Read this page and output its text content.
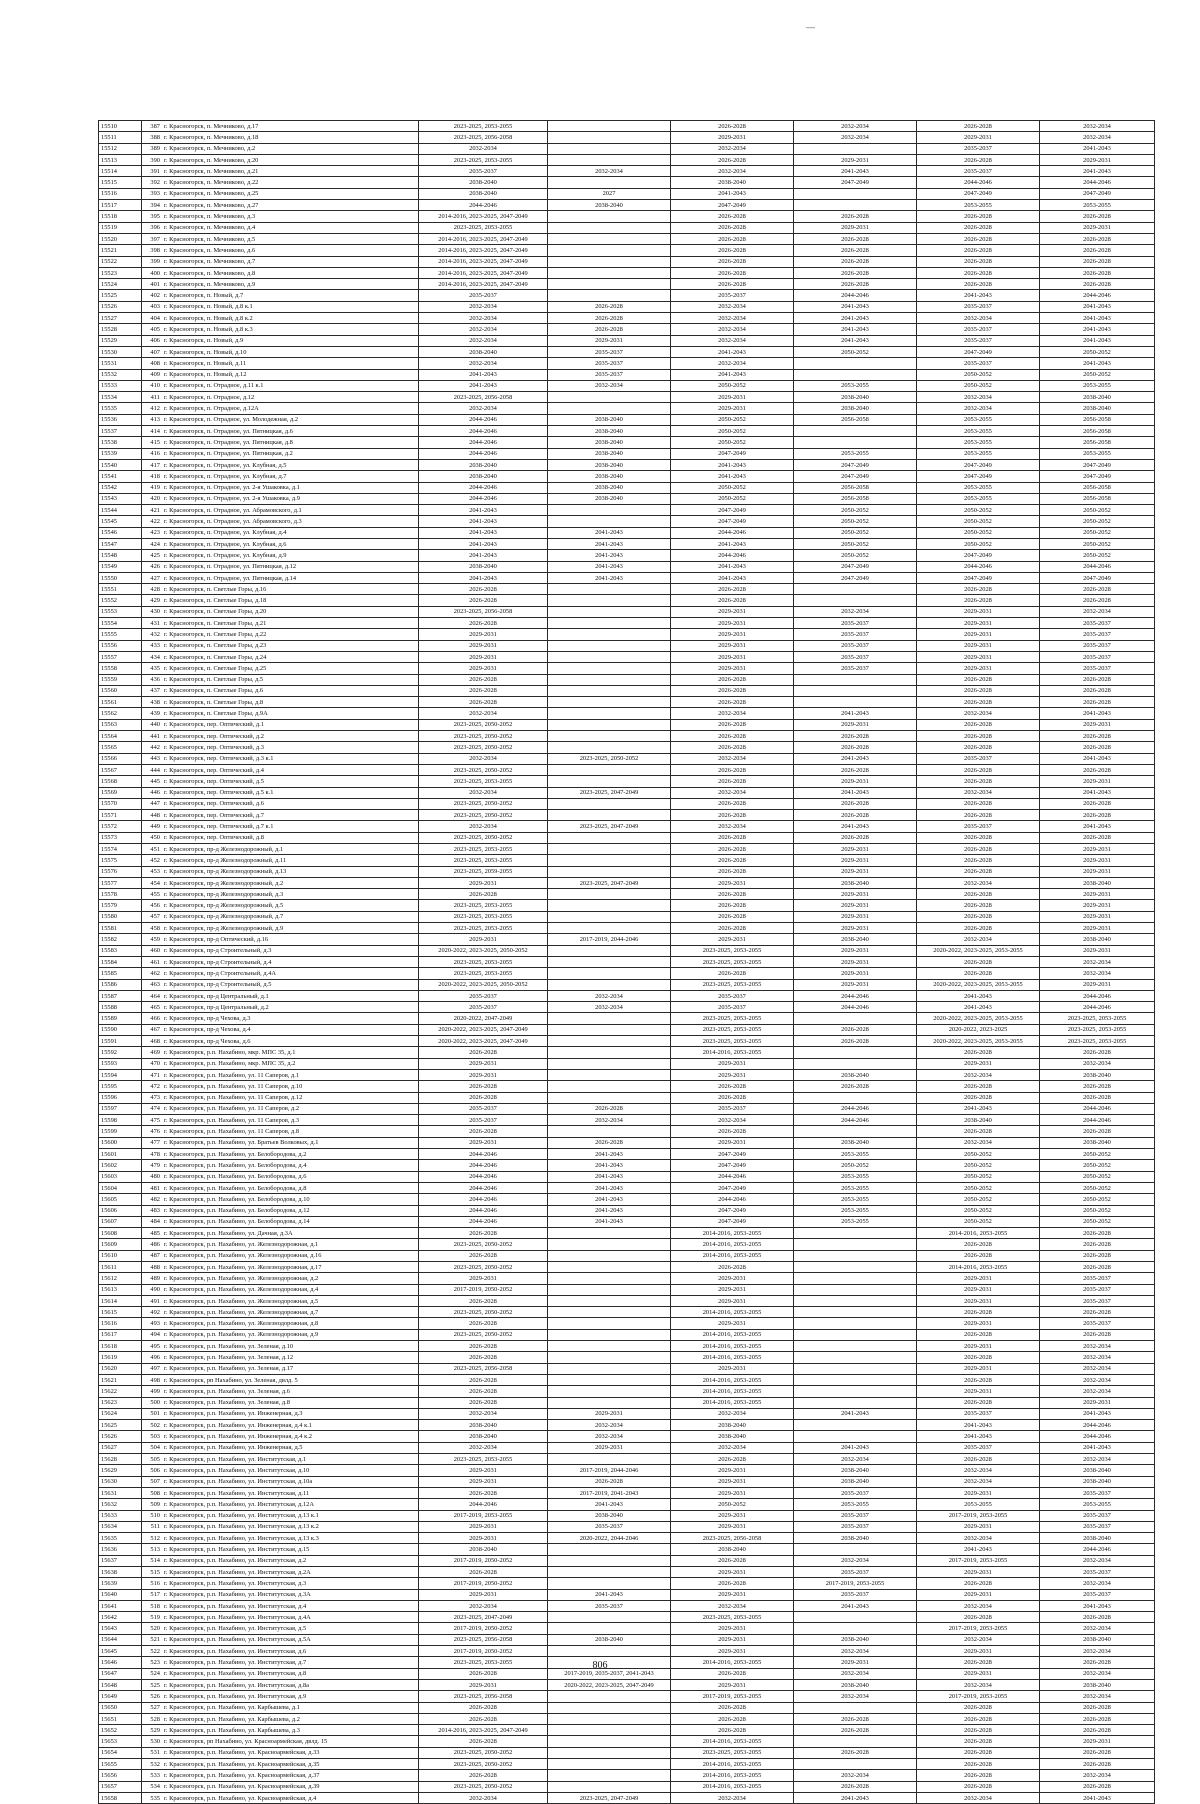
—
15510	387	г. Красногорск, п. Мечниково, д.17	2023-2025, 2053-2055		2026-2028	2032-2034	2026-2028	2032-2034
15511	388	г. Красногорск, п. Мечниково, д.18	2023-2025, 2056-2058		2029-2031	2032-2034	2029-2031	2032-2034
15512	389	г. Красногорск, п. Мечниково, д.2	2032-2034		2032-2034		2035-2037	2041-2043
15513	390	г. Красногорск, п. Мечниково, д.20	2023-2025, 2053-2055		2026-2028	2029-2031	2026-2028	2029-2031
15514	391	г. Красногорск, п. Мечниково, д.21	2035-2037	2032-2034	2032-2034	2041-2043	2035-2037	2041-2043
15515	392	г. Красногорск, п. Мечниково, д.22	2038-2040		2038-2040	2047-2049	2044-2046	2044-2046
15516	393	г. Красногорск, п. Мечниково, д.25	2038-2040	2027	2041-2043		2047-2049	2047-2049
15517	394	г. Красногорск, п. Мечниково, д.27	2044-2046	2038-2040	2047-2049		2053-2055	2053-2055
15518	395	г. Красногорск, п. Мечниково, д.3	2014-2016, 2023-2025, 2047-2049		2026-2028	2026-2028	2026-2028	2026-2028
15519	396	г. Красногорск, п. Мечниково, д.4	2023-2025, 2053-2055		2026-2028	2029-2031	2026-2028	2029-2031
15520	397	г. Красногорск, п. Мечниково, д.5	2014-2016, 2023-2025, 2047-2049		2026-2028	2026-2028	2026-2028	2026-2028
15521	398	г. Красногорск, п. Мечниково, д.6	2014-2016, 2023-2025, 2047-2049		2026-2028	2026-2028	2026-2028	2026-2028
15522	399	г. Красногорск, п. Мечниково, д.7	2014-2016, 2023-2025, 2047-2049		2026-2028	2026-2028	2026-2028	2026-2028
15523	400	г. Красногорск, п. Мечниково, д.8	2014-2016, 2023-2025, 2047-2049		2026-2028	2026-2028	2026-2028	2026-2028
15524	401	г. Красногорск, п. Мечниково, д.9	2014-2016, 2023-2025, 2047-2049		2026-2028	2026-2028	2026-2028	2026-2028
15525	402	г. Красногорск, п. Новый, д.7	2035-2037		2035-2037	2044-2046	2041-2043	2044-2046
15526	403	г. Красногорск, п. Новый, д.8 к.1	2032-2034	2026-2028	2032-2034	2041-2043	2035-2037	2041-2043
15527	404	г. Красногорск, п. Новый, д.8 к.2	2032-2034	2026-2028	2032-2034	2041-2043	2032-2034	2041-2043
15528	405	г. Красногорск, п. Новый, д.8 к.3	2032-2034	2026-2028	2032-2034	2041-2043	2035-2037	2041-2043
15529	406	г. Красногорск, п. Новый, д.9	2032-2034	2029-2031	2032-2034	2041-2043	2035-2037	2041-2043
15530	407	г. Красногорск, п. Новый, д.10	2038-2040	2035-2037	2041-2043	2050-2052	2047-2049	2050-2052
15531	408	г. Красногорск, п. Новый, д.11	2032-2034	2035-2037	2032-2034		2035-2037	2041-2043
15532	409	г. Красногорск, п. Новый, д.12	2041-2043	2035-2037	2041-2043		2050-2052	2050-2052
15533	410	г. Красногорск, п. Отрадное, д.11 к.1	2041-2043	2032-2034	2050-2052	2053-2055	2050-2052	2053-2055
15534	411	г. Красногорск, п. Отрадное, д.12	2023-2025, 2056-2058		2029-2031	2038-2040	2032-2034	2038-2040
15535	412	г. Красногорск, п. Отрадное, д.12А	2032-2034		2029-2031	2038-2040	2032-2034	2038-2040
15536	413	г. Красногорск, п. Отрадное, ул. Молодежная, д.2	2044-2046	2038-2040	2050-2052	2056-2058	2053-2055	2056-2058
15537	414	г. Красногорск, п. Отрадное, ул. Пятницкая, д.6	2044-2046	2038-2040	2050-2052		2053-2055	2056-2058
15538	415	г. Красногорск, п. Отрадное, ул. Пятницкая, д.8	2044-2046	2038-2040	2050-2052		2053-2055	2056-2058
15539	416	г. Красногорск, п. Отрадное, ул. Пятницкая, д.2	2044-2046	2038-2040	2047-2049	2053-2055	2053-2055	2053-2055
15540	417	г. Красногорск, п. Отрадное, ул. Клубная, д.5	2038-2040	2038-2040	2041-2043	2047-2049	2047-2049	2047-2049
15541	418	г. Красногорск, п. Отрадное, ул. Клубная, д.7	2038-2040	2038-2040	2041-2043	2047-2049	2047-2049	2047-2049
15542	419	г. Красногорск, п. Отрадное, ул. 2-я Ушаковка, д.1	2044-2046	2038-2040	2050-2052	2056-2058	2053-2055	2056-2058
15543	420	г. Красногорск, п. Отрадное, ул. 2-я Ушаковка, д.9	2044-2046	2038-2040	2050-2052	2056-2058	2053-2055	2056-2058
15544	421	г. Красногорск, п. Отрадное, ул. Абрамовского, д.1	2041-2043		2047-2049	2050-2052	2050-2052	2050-2052
15545	422	г. Красногорск, п. Отрадное, ул. Абрамовского, д.3	2041-2043		2047-2049	2050-2052	2050-2052	2050-2052
15546	423	г. Красногорск, п. Отрадное, ул. Клубная, д.4	2041-2043	2041-2043	2044-2046	2050-2052	2050-2052	2050-2052
15547	424	г. Красногорск, п. Отрадное, ул. Клубная, д.6	2041-2043	2041-2043	2041-2043	2050-2052	2050-2052	2050-2052
15548	425	г. Красногорск, п. Отрадное, ул. Клубная, д.9	2041-2043	2041-2043	2044-2046	2050-2052	2047-2049	2050-2052
15549	426	г. Красногорск, п. Отрадное, ул. Пятницкая, д.12	2038-2040	2041-2043	2041-2043	2047-2049	2044-2046	2044-2046
15550	427	г. Красногорск, п. Отрадное, ул. Пятницкая, д.14	2041-2043	2041-2043	2041-2043	2047-2049	2047-2049	2047-2049
15551	428	г. Красногорск, п. Светлые Горы, д.16	2026-2028		2026-2028		2026-2028	2026-2028
15552	429	г. Красногорск, п. Светлые Горы, д.18	2026-2028		2026-2028		2026-2028	2026-2028
15553	430	г. Красногорск, п. Светлые Горы, д.20	2023-2025, 2056-2058		2029-2031	2032-2034	2029-2031	2032-2034
15554	431	г. Красногорск, п. Светлые Горы, д.21	2026-2028		2029-2031	2035-2037	2029-2031	2035-2037
15555	432	г. Красногорск, п. Светлые Горы, д.22	2029-2031		2029-2031	2035-2037	2029-2031	2035-2037
15556	433	г. Красногорск, п. Светлые Горы, д.23	2029-2031		2029-2031	2035-2037	2029-2031	2035-2037
15557	434	г. Красногорск, п. Светлые Горы, д.24	2029-2031		2029-2031	2035-2037	2029-2031	2035-2037
15558	435	г. Красногорск, п. Светлые Горы, д.25	2029-2031		2029-2031	2035-2037	2029-2031	2035-2037
15559	436	г. Красногорск, п. Светлые Горы, д.5	2026-2028		2026-2028		2026-2028	2026-2028
15560	437	г. Красногорск, п. Светлые Горы, д.6	2026-2028		2026-2028		2026-2028	2026-2028
15561	438	г. Красногорск, п. Светлые Горы, д.8	2026-2028		2026-2028		2026-2028	2026-2028
15562	439	г. Красногорск, п. Светлые Горы, д.9А	2032-2034		2032-2034	2041-2043	2032-2034	2041-2043
15563	440	г. Красногорск, пер. Оптический, д.1	2023-2025, 2050-2052		2026-2028	2029-2031	2026-2028	2029-2031
15564	441	г. Красногорск, пер. Оптический, д.2	2023-2025, 2050-2052		2026-2028	2026-2028	2026-2028	2026-2028
15565	442	г. Красногорск, пер. Оптический, д.3	2023-2025, 2050-2052		2026-2028	2026-2028	2026-2028	2026-2028
15566	443	г. Красногорск, пер. Оптический, д.3 к.1	2032-2034	2023-2025, 2050-2052	2032-2034	2041-2043	2035-2037	2041-2043
15567	444	г. Красногорск, пер. Оптический, д.4	2023-2025, 2050-2052		2026-2028	2026-2028	2026-2028	2026-2028
15568	445	г. Красногорск, пер. Оптический, д.5	2023-2025, 2053-2055		2026-2028	2029-2031	2026-2028	2029-2031
15569	446	г. Красногорск, пер. Оптический, д.5 к.1	2032-2034	2023-2025, 2047-2049	2032-2034	2041-2043	2032-2034	2041-2043
15570	447	г. Красногорск, пер. Оптический, д.6	2023-2025, 2050-2052		2026-2028	2026-2028	2026-2028	2026-2028
15571	448	г. Красногорск, пер. Оптический, д.7	2023-2025, 2050-2052		2026-2028	2026-2028	2026-2028	2026-2028
15572	449	г. Красногорск, пер. Оптический, д.7 к.1	2032-2034	2023-2025, 2047-2049	2032-2034	2041-2043	2035-2037	2041-2043
15573	450	г. Красногорск, пер. Оптический, д.8	2023-2025, 2050-2052		2026-2028	2026-2028	2026-2028	2026-2028
15574	451	г. Красногорск, пр-д Железнодорожный, д.1	2023-2025, 2053-2055		2026-2028	2029-2031	2026-2028	2029-2031
15575	452	г. Красногорск, пр-д Железнодорожный, д.11	2023-2025, 2053-2055		2026-2028	2029-2031	2026-2028	2029-2031
15576	453	г. Красногорск, пр-д Железнодорожный, д.13	2023-2025, 2059-2055		2026-2028	2029-2031	2026-2028	2029-2031
15577	454	г. Красногорск, пр-д Железнодорожный, д.2	2029-2031	2023-2025, 2047-2049	2029-2031	2038-2040	2032-2034	2038-2040
15578	455	г. Красногорск, пр-д Железнодорожный, д.3	2026-2028		2026-2028	2029-2031	2026-2028	2029-2031
15579	456	г. Красногорск, пр-д Железнодорожный, д.5	2023-2025, 2053-2055		2026-2028	2029-2031	2026-2028	2029-2031
15580	457	г. Красногорск, пр-д Железнодорожный, д.7	2023-2025, 2053-2055		2026-2028	2029-2031	2026-2028	2029-2031
15581	458	г. Красногорск, пр-д Железнодорожный, д.9	2023-2025, 2053-2055		2026-2028	2029-2031	2026-2028	2029-2031
15582	459	г. Красногорск, пр-д Оптический, д.16	2029-2031	2017-2019, 2044-2046	2029-2031	2038-2040	2032-2034	2038-2040
15583	460	г. Красногорск, пр-д Строительный, д.3	2020-2022, 2023-2025, 2050-2052		2023-2025, 2053-2055	2029-2031	2020-2022, 2023-2025, 2053-2055	2029-2031
15584	461	г. Красногорск, пр-д Строительный, д.4	2023-2025, 2053-2055		2023-2025, 2053-2055	2029-2031	2026-2028	2032-2034
15585	462	г. Красногорск, пр-д Строительный, д.4А	2023-2025, 2053-2055		2026-2028	2029-2031	2026-2028	2032-2034
15586	463	г. Красногорск, пр-д Строительный, д.5	2020-2022, 2023-2025, 2050-2052		2023-2025, 2053-2055	2029-2031	2020-2022, 2023-2025, 2053-2055	2029-2031
15587	464	г. Красногорск, пр-д Центральный, д.1	2035-2037	2032-2034	2035-2037	2044-2046	2041-2043	2044-2046
15588	465	г. Красногорск, пр-д Центральный, д.2	2035-2037	2032-2034	2035-2037	2044-2046	2041-2043	2044-2046
15589	466	г. Красногорск, пр-д Чехова, д.3	2020-2022, 2047-2049		2023-2025, 2053-2055		2020-2022, 2023-2025, 2053-2055	2023-2025, 2053-2055
15590	467	г. Красногорск, пр-д Чехова, д.4	2020-2022, 2023-2025, 2047-2049		2023-2025, 2053-2055	2026-2028	2020-2022, 2023-2025	2023-2025, 2053-2055
15591	468	г. Красногорск, пр-д Чехова, д.6	2020-2022, 2023-2025, 2047-2049		2023-2025, 2053-2055	2026-2028	2020-2022, 2023-2025, 2053-2055	2023-2025, 2053-2055
15592	469	г. Красногорск, р.п. Нахабино, мкр. МПС 35, д.1	2026-2028		2014-2016, 2053-2055		2026-2028	2026-2028
15593	470	г. Красногорск, р.п. Нахабино, мкр. МПС 35, д.2	2029-2031		2029-2031		2029-2031	2032-2034
15594	471	г. Красногорск, р.п. Нахабино, ул. 11 Саперов, д.1	2029-2031		2029-2031	2038-2040	2032-2034	2038-2040
15595	472	г. Красногорск, р.п. Нахабино, ул. 11 Саперов, д.10	2026-2028		2026-2028	2026-2028	2026-2028	2026-2028
15596	473	г. Красногорск, р.п. Нахабино, ул. 11 Саперов, д.12	2026-2028		2026-2028		2026-2028	2026-2028
15597	474	г. Красногорск, р.п. Нахабино, ул. 11 Саперов, д.2	2035-2037	2026-2028	2035-2037	2044-2046	2041-2043	2044-2046
15598	475	г. Красногорск, р.п. Нахабино, ул. 11 Саперов, д.3	2035-2037	2032-2034	2032-2034	2044-2046	2038-2040	2044-2046
15599	476	г. Красногорск, р.п. Нахабино, ул. 11 Саперов, д.8	2026-2028		2026-2028		2026-2028	2026-2028
15600	477	г. Красногорск, р.п. Нахабино, ул. Братьев Волковых, д.1	2029-2031	2026-2028	2029-2031	2038-2040	2032-2034	2038-2040
15601	478	г. Красногорск, р.п. Нахабино, ул. Белобородова, д.2	2044-2046	2041-2043	2047-2049	2053-2055	2050-2052	2050-2052
15602	479	г. Красногорск, р.п. Нахабино, ул. Белобородова, д.4	2044-2046	2041-2043	2047-2049	2050-2052	2050-2052	2050-2052
15603	480	г. Красногорск, р.п. Нахабино, ул. Белобородова, д.6	2044-2046	2041-2043	2044-2046	2053-2055	2050-2052	2050-2052
15604	481	г. Красногорск, р.п. Нахабино, ул. Белобородова, д.8	2044-2046	2041-2043	2047-2049	2053-2055	2050-2052	2050-2052
15605	482	г. Красногорск, р.п. Нахабино, ул. Белобородова, д.10	2044-2046	2041-2043	2044-2046	2053-2055	2050-2052	2050-2052
15606	483	г. Красногорск, р.п. Нахабино, ул. Белобородова, д.12	2044-2046	2041-2043	2047-2049	2053-2055	2050-2052	2050-2052
15607	484	г. Красногорск, р.п. Нахабино, ул. Белобородова, д.14	2044-2046	2041-2043	2047-2049	2053-2055	2050-2052	2050-2052
15608	485	г. Красногорск, р.п. Нахабино, ул. Дачная, д.3А	2026-2028		2014-2016, 2053-2055		2014-2016, 2053-2055	2026-2028
15609	486	г. Красногорск, р.п. Нахабино, ул. Железнодорожная, д.1	2023-2025, 2050-2052		2014-2016, 2053-2055		2026-2028	2026-2028
15610	487	г. Красногорск, р.п. Нахабино, ул. Железнодорожная, д.16	2026-2028		2014-2016, 2053-2055		2026-2028	2026-2028
15611	488	г. Красногорск, р.п. Нахабино, ул. Железнодорожная, д.17	2023-2025, 2050-2052		2026-2028		2014-2016, 2053-2055	2026-2028
15612	489	г. Красногорск, р.п. Нахабино, ул. Железнодорожная, д.2	2029-2031		2029-2031		2029-2031	2035-2037
15613	490	г. Красногорск, р.п. Нахабино, ул. Железнодорожная, д.4	2017-2019, 2050-2052		2029-2031		2029-2031	2035-2037
15614	491	г. Красногорск, р.п. Нахабино, ул. Железнодорожная, д.5	2026-2028		2029-2031		2029-2031	2035-2037
15615	492	г. Красногорск, р.п. Нахабино, ул. Железнодорожная, д.7	2023-2025, 2050-2052		2014-2016, 2053-2055		2026-2028	2026-2028
15616	493	г. Красногорск, р.п. Нахабино, ул. Железнодорожная, д.8	2026-2028		2029-2031		2029-2031	2035-2037
15617	494	г. Красногорск, р.п. Нахабино, ул. Железнодорожная, д.9	2023-2025, 2050-2052		2014-2016, 2053-2055		2026-2028	2026-2028
15618	495	г. Красногорск, р.п. Нахабино, ул. Зеленая, д.10	2026-2028		2014-2016, 2053-2055		2029-2031	2032-2034
15619	496	г. Красногорск, р.п. Нахабино, ул. Зеленая, д.12	2026-2028		2014-2016, 2053-2055		2026-2028	2032-2034
15620	497	г. Красногорск, р.п. Нахабино, ул. Зеленая, д.17	2023-2025, 2056-2058		2029-2031		2029-2031	2032-2034
15621	498	г. Красногорск, рп Нахабино, ул. Зеленая, двлд. 5	2026-2028		2014-2016, 2053-2055		2026-2028	2032-2034
15622	499	г. Красногорск, р.п. Нахабино, ул. Зеленая, д.6	2026-2028		2014-2016, 2053-2055		2029-2031	2032-2034
15623	500	г. Красногорск, р.п. Нахабино, ул. Зеленая, д.8	2026-2028		2014-2016, 2053-2055		2026-2028	2029-2031
15624	501	г. Красногорск, р.п. Нахабино, ул. Инженерная, д.3	2032-2034	2029-2031	2032-2034	2041-2043	2035-2037	2041-2043
15625	502	г. Красногорск, р.п. Нахабино, ул. Инженерная, д.4 к.1	2038-2040	2032-2034	2038-2040		2041-2043	2044-2046
15626	503	г. Красногорск, р.п. Нахабино, ул. Инженерная, д.4 к.2	2038-2040	2032-2034	2038-2040		2041-2043	2044-2046
15627	504	г. Красногорск, р.п. Нахабино, ул. Инженерная, д.5	2032-2034	2029-2031	2032-2034	2041-2043	2035-2037	2041-2043
15628	505	г. Красногорск, р.п. Нахабино, ул. Институтская, д.1	2023-2025, 2053-2055		2026-2028	2032-2034	2026-2028	2032-2034
15629	506	г. Красногорск, р.п. Нахабино, ул. Институтская, д.10	2029-2031	2017-2019, 2044-2046	2029-2031	2038-2040	2032-2034	2038-2040
15630	507	г. Красногорск, р.п. Нахабино, ул. Институтская, д.10а	2029-2031	2026-2028	2029-2031	2038-2040	2032-2034	2038-2040
15631	508	г. Красногорск, р.п. Нахабино, ул. Институтская, д.11	2026-2028	2017-2019, 2041-2043	2029-2031	2035-2037	2029-2031	2035-2037
15632	509	г. Красногорск, р.п. Нахабино, ул. Институтская, д.12А	2044-2046	2041-2043	2050-2052	2053-2055	2053-2055	2053-2055
15633	510	г. Красногорск, р.п. Нахабино, ул. Институтская, д.13 к.1	2017-2019, 2053-2055	2038-2040	2029-2031	2035-2037	2017-2019, 2053-2055	2035-2037
15634	511	г. Красногорск, р.п. Нахабино, ул. Институтская, д.13 к.2	2029-2031	2035-2037	2029-2031	2035-2037	2029-2031	2035-2037
15635	512	г. Красногорск, р.п. Нахабино, ул. Институтская, д.13 к.3	2029-2031	2020-2022, 2044-2046	2023-2025, 2056-2058	2038-2040	2032-2034	2038-2040
15636	513	г. Красногорск, р.п. Нахабино, ул. Институтская, д.15	2038-2040		2038-2040		2041-2043	2044-2046
15637	514	г. Красногорск, р.п. Нахабино, ул. Институтская, д.2	2017-2019, 2050-2052		2026-2028	2032-2034	2017-2019, 2053-2055	2032-2034
15638	515	г. Красногорск, р.п. Нахабино, ул. Институтская, д.2А	2026-2028		2029-2031	2035-2037	2029-2031	2035-2037
15639	516	г. Красногорск, р.п. Нахабино, ул. Институтская, д.3	2017-2019, 2050-2052		2026-2028	2017-2019, 2053-2055	2026-2028	2032-2034
15640	517	г. Красногорск, р.п. Нахабино, ул. Институтская, д.3А	2029-2031	2041-2043	2029-2031	2035-2037	2029-2031	2035-2037
15641	518	г. Красногорск, р.п. Нахабино, ул. Институтская, д.4	2032-2034	2035-2037	2032-2034	2041-2043	2032-2034	2041-2043
15642	519	г. Красногорск, р.п. Нахабино, ул. Институтская, д.4А	2023-2025, 2047-2049		2023-2025, 2053-2055		2026-2028	2026-2028
15643	520	г. Красногорск, р.п. Нахабино, ул. Институтская, д.5	2017-2019, 2050-2052		2029-2031		2017-2019, 2053-2055	2032-2034
15644	521	г. Красногорск, р.п. Нахабино, ул. Институтская, д.5А	2023-2025, 2056-2058	2038-2040	2029-2031	2038-2040	2032-2034	2038-2040
15645	522	г. Красногорск, р.п. Нахабино, ул. Институтская, д.6	2017-2019, 2050-2052		2029-2031	2032-2034	2029-2031	2032-2034
15646	523	г. Красногорск, р.п. Нахабино, ул. Институтская, д.7	2023-2025, 2053-2055		2014-2016, 2053-2055	2029-2031	2026-2028	2026-2028
15647	524	г. Красногорск, р.п. Нахабино, ул. Институтская, д.8	2026-2028	2017-2019, 2035-2037, 2041-2043	2026-2028	2032-2034	2029-2031	2032-2034
15648	525	г. Красногорск, р.п. Нахабино, ул. Институтская, д.8а	2029-2031	2020-2022, 2023-2025, 2047-2049	2029-2031	2038-2040	2032-2034	2038-2040
15649	526	г. Красногорск, р.п. Нахабино, ул. Институтская, д.9	2023-2025, 2056-2058		2017-2019, 2053-2055	2032-2034	2017-2019, 2053-2055	2032-2034
15650	527	г. Красногорск, р.п. Нахабино, ул. Карбышева, д.1	2026-2028		2026-2028		2026-2028	2026-2028
15651	528	г. Красногорск, р.п. Нахабино, ул. Карбышева, д.2	2026-2028		2026-2028	2026-2028	2026-2028	2026-2028
15652	529	г. Красногорск, р.п. Нахабино, ул. Карбышева, д.3	2014-2016, 2023-2025, 2047-2049		2026-2028	2026-2028	2026-2028	2026-2028
15653	530	г. Красногорск, рп Нахабино, ул. Красноармейская, двлд. 15	2026-2028		2014-2016, 2053-2055		2026-2028	2029-2031
15654	531	г. Красногорск, р.п. Нахабино, ул. Красноармейская, д.33	2023-2025, 2050-2052		2023-2025, 2053-2055	2026-2028	2026-2028	2026-2028
15655	532	г. Красногорск, р.п. Нахабино, ул. Красноармейская, д.35	2023-2025, 2050-2052		2014-2016, 2053-2055		2026-2028	2026-2028
15656	533	г. Красногорск, р.п. Нахабино, ул. Красноармейская, д.37	2026-2028		2014-2016, 2053-2055	2032-2034	2026-2028	2032-2034
15657	534	г. Красногорск, р.п. Нахабино, ул. Красноармейская, д.39	2023-2025, 2050-2052		2014-2016, 2053-2055	2026-2028	2026-2028	2026-2028
15658	535	г. Красногорск, р.п. Нахабино, ул. Красноармейская, д.4	2032-2034	2023-2025, 2047-2049	2032-2034	2041-2043	2032-2034	2041-2043
806
